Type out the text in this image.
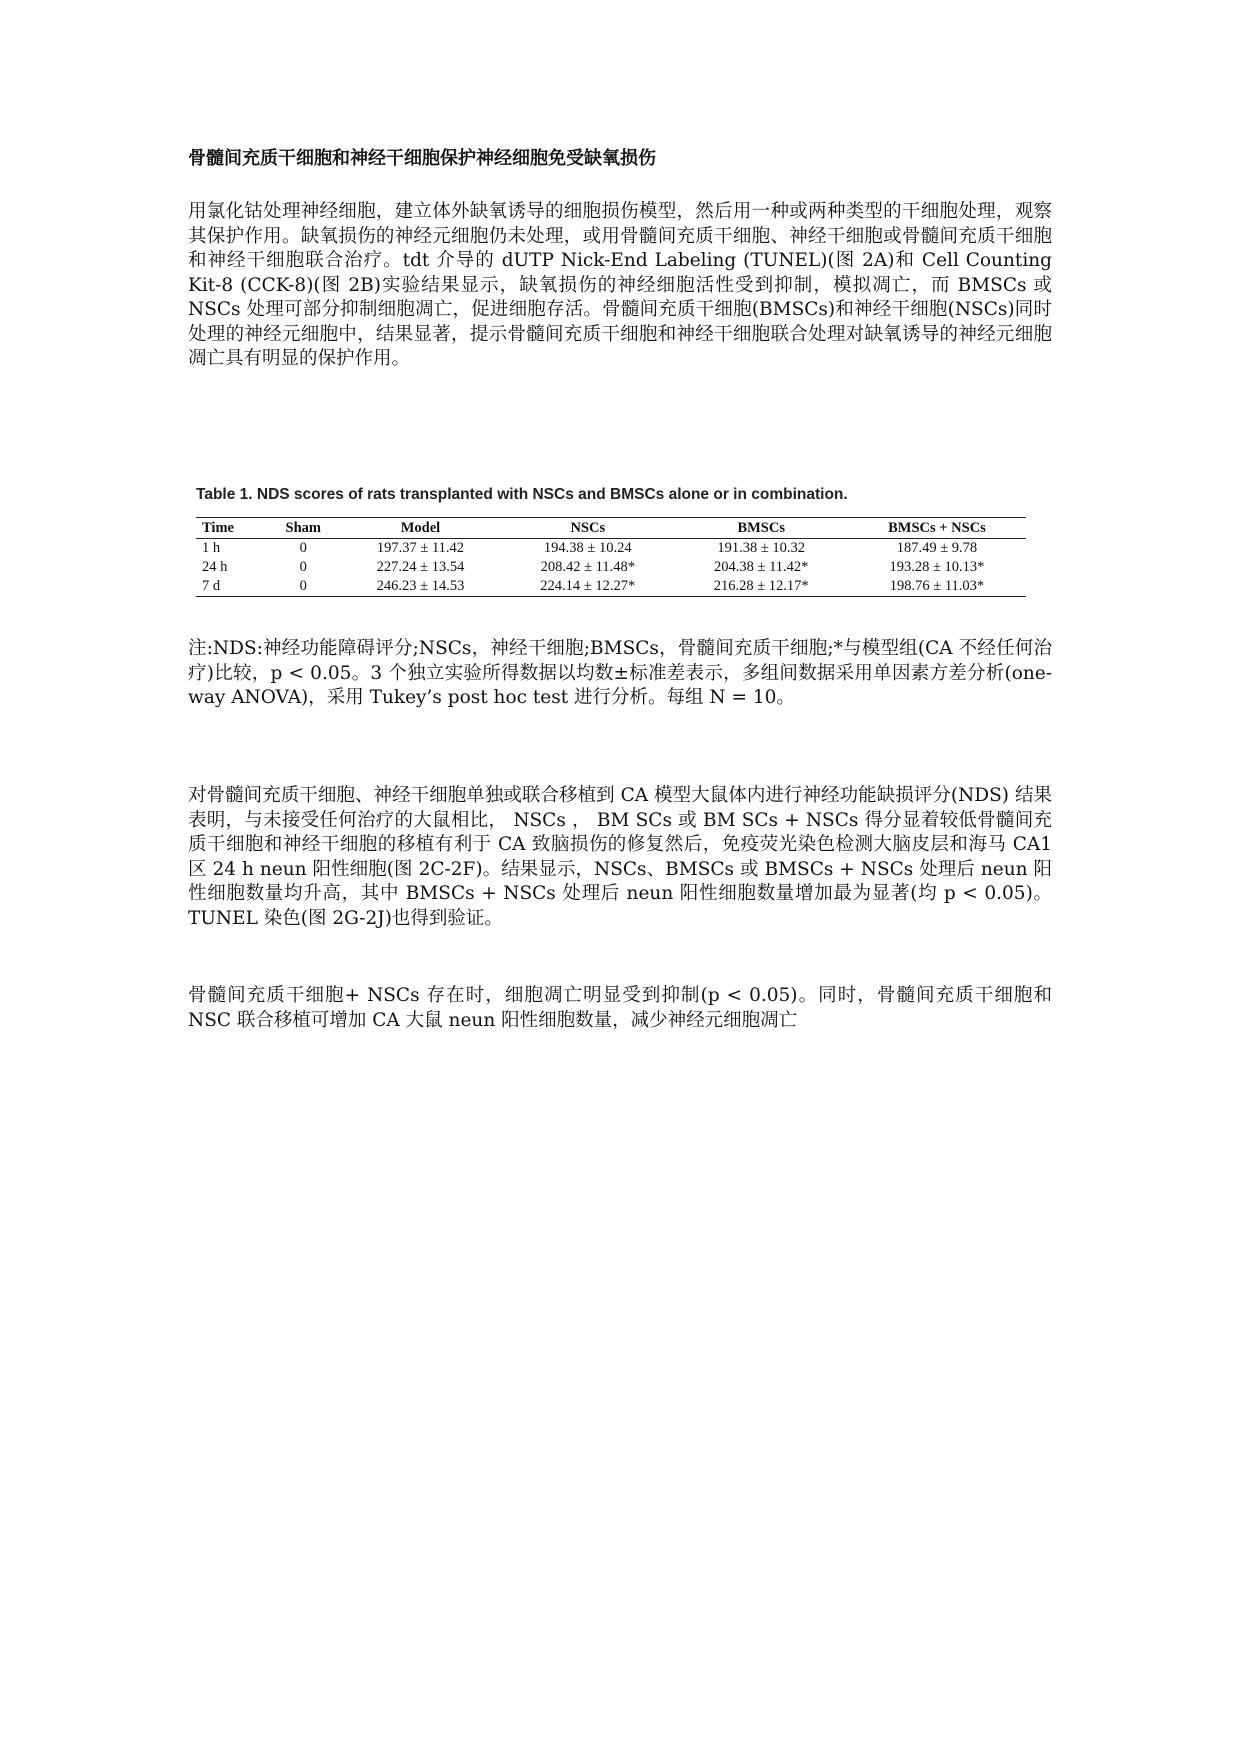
骨髓间充质干细胞和神经干细胞保护神经细胞免受缺氧损伤
用氯化钴处理神经细胞，建立体外缺氧诱导的细胞损伤模型，然后用一种或两种类型的干细胞处理，观察其保护作用。缺氧损伤的神经元细胞仍未处理，或用骨髓间充质干细胞、神经干细胞或骨髓间充质干细胞和神经干细胞联合治疗。tdt 介导的 dUTP Nick-End Labeling (TUNEL)(图 2A)和 Cell Counting Kit-8 (CCK-8)(图 2B)实验结果显示，缺氧损伤的神经细胞活性受到抑制，模拟凋亡，而 BMSCs 或 NSCs 处理可部分抑制细胞凋亡，促进细胞存活。骨髓间充质干细胞(BMSCs)和神经干细胞(NSCs)同时处理的神经元细胞中，结果显著，提示骨髓间充质干细胞和神经干细胞联合处理对缺氧诱导的神经元细胞凋亡具有明显的保护作用。
Table 1. NDS scores of rats transplanted with NSCs and BMSCs alone or in combination.
Time	Sham	Model	NSCs	BMSCs	BMSCs + NSCs
1 h	0	197.37 ± 11.42	194.38 ± 10.24	191.38 ± 10.32	187.49 ± 9.78
24 h	0	227.24 ± 13.54	208.42 ± 11.48*	204.38 ± 11.42*	193.28 ± 10.13*
7 d	0	246.23 ± 14.53	224.14 ± 12.27*	216.28 ± 12.17*	198.76 ± 11.03*
注:NDS:神经功能障碍评分;NSCs，神经干细胞;BMSCs，骨髓间充质干细胞;*与模型组(CA 不经任何治疗)比较，p < 0.05。3 个独立实验所得数据以均数±标准差表示，多组间数据采用单因素方差分析(one-way ANOVA)，采用 Tukey’s post hoc test 进行分析。每组 N = 10。
对骨髓间充质干细胞、神经干细胞单独或联合移植到 CA 模型大鼠体内进行神经功能缺损评分(NDS) 结果表明，与未接受任何治疗的大鼠相比， NSCs ， BM SCs 或 BM SCs + NSCs 得分显着较低骨髓间充质干细胞和神经干细胞的移植有利于 CA 致脑损伤的修复然后，免疫荧光染色检测大脑皮层和海马 CA1 区 24 h neun 阳性细胞(图 2C-2F)。结果显示，NSCs、BMSCs 或 BMSCs + NSCs 处理后 neun 阳性细胞数量均升高，其中 BMSCs + NSCs 处理后 neun 阳性细胞数量增加最为显著(均 p < 0.05)。TUNEL 染色(图 2G-2J)也得到验证。
骨髓间充质干细胞+ NSCs 存在时，细胞凋亡明显受到抑制(p < 0.05)。同时，骨髓间充质干细胞和 NSC 联合移植可增加 CA 大鼠 neun 阳性细胞数量，减少神经元细胞凋亡
